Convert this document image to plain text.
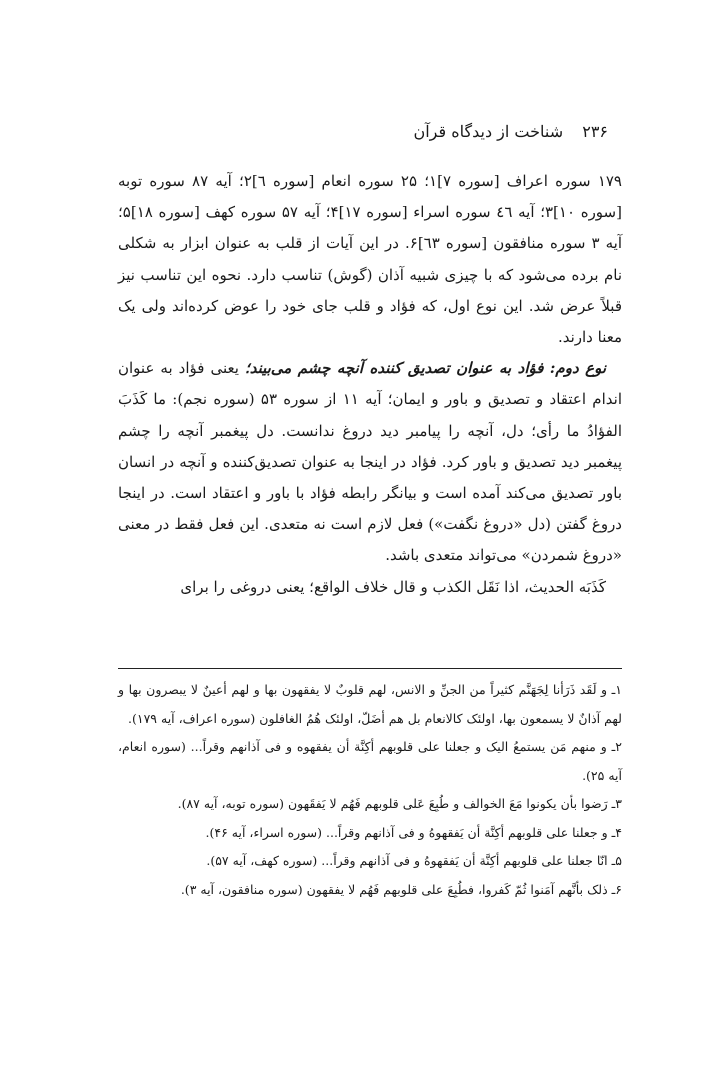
۲۳۶ شناخت از دیدگاه قرآن

۱۷۹ سوره اعراف [سوره ۷]۱؛ ۲۵ سوره انعام [سوره ٦]۲؛ آیه ۸۷ سوره توبه [سوره ۱۰]۳؛ آیه ٤٦ سوره اسراء [سوره ۱۷]۴؛ آیه ۵۷ سوره کهف [سوره ۱۸]۵؛ آیه ۳ سوره منافقون [سوره ٦۳]۶. در این آیات از قلب به عنوان ابزار به شکلی نام برده می‌شود که با چیزی شبیه آذان (گوش) تناسب دارد. نحوه این تناسب نیز قبلاً عرض شد. این نوع اول، که فؤاد و قلب جای خود را عوض کرده‌اند ولی یک معنا دارند.

نوع دوم: فؤاد به عنوان تصدیق کننده آنچه چشم می‌بیند؛ یعنی فؤاد به عنوان اندام اعتقاد و تصدیق و باور و ایمان؛ آیه ۱۱ از سوره ۵۳ (سوره نجم): ما کَذَبَ الفؤادُ ما رأی؛ دل، آنچه را پیامبر دید دروغ ندانست. دل پیغمبر آنچه را چشم پیغمبر دید تصدیق و باور کرد. فؤاد در اینجا به عنوان تصدیق‌کننده و آنچه در انسان باور تصدیق می‌کند آمده است و بیانگر رابطه فؤاد با باور و اعتقاد است. در اینجا دروغ گفتن (دل «دروغ نگفت») فعل لازم است نه متعدی. این فعل فقط در معنی «دروغ شمردن» می‌تواند متعدی باشد.

کَذَبَه الحدیث، اذا نَقَل الکذب و قال خلاف الواقع؛ یعنی دروغی را برای

۱ـ و لَقَد ذَرَأنا لِجَهَنَّم کثیراً من الجنِّ و الانس، لهم قلوبٌ لا یفقهون بها و لهم أعینٌ لا یبصرون بها و لهم آذانٌ لا یسمعون بها، اولئک کالانعام بل هم أضَلّ، اولئک هُمُ الغافلون (سوره اعراف، آیه ۱۷۹).

۲ـ و منهم مَن یستمعُ الیک و جعلنا علی قلوبهم أکِنَّة أن یفقهوه و فی آذانهم وقراً... (سوره انعام، آیه ۲۵).

۳ـ رَضوا بأن یکونوا مَعَ الخوالف و طُبِعَ عَلی قلوبهم فَهُم لا یَفقَهون (سوره توبه، آیه ۸۷).

۴ـ و جعلنا علی قلوبهم أکِنَّة أن یَفقهوهُ و فی آذانهم وقراً... (سوره اسراء، آیه ۴۶).

۵ـ انّا جعلنا علی قلوبهم أکِنَّة أن یَفقهوهُ و فی آذانهم وقراً... (سوره کهف، آیه ۵۷).

۶ـ ذلک بأنَّهم آمَنوا ثُمّ کَفروا، فطُبِعَ علی قلوبهم فَهُم لا یفقهون (سوره منافقون، آیه ۳).
